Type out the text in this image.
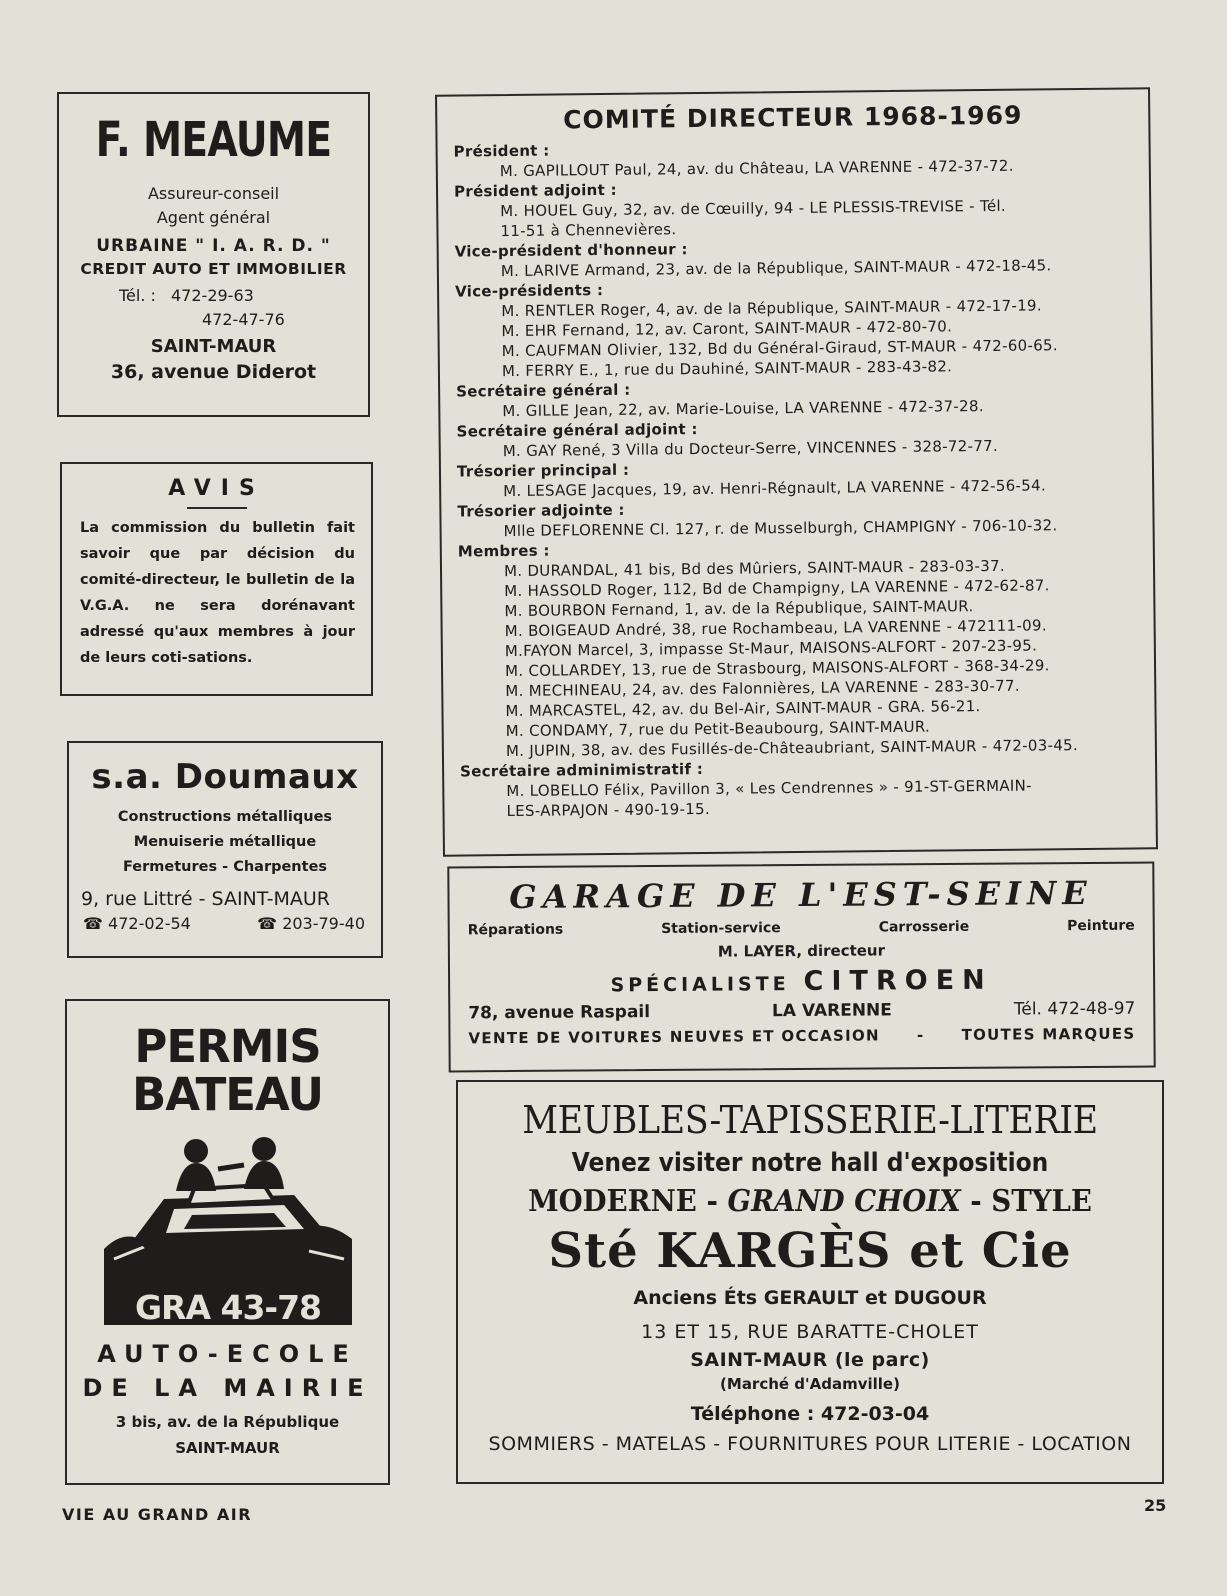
F. MEAUME
Assureur-conseil
Agent général
URBAINE " I. A. R. D. "
CREDIT AUTO ET IMMOBILIER
Tél. : 472-29-63
472-47-76
SAINT-MAUR
36, avenue Diderot
AVIS
La commission du bulletin fait savoir que par décision du comité-directeur, le bulletin de la V.G.A. ne sera dorénavant adressé qu'aux membres à jour de leurs coti-sations.
s.a. Doumaux
Constructions métalliques
Menuiserie métallique
Fermetures - Charpentes
9, rue Littré - SAINT-MAUR
☎ 472-02-54	☎ 203-79-40
PERMIS
BATEAU
GRA 43-78
AUTO-ECOLE
DE LA MAIRIE
3 bis, av. de la République
SAINT-MAUR
COMITÉ DIRECTEUR 1968-1969
Président :
M. GAPILLOUT Paul, 24, av. du Château, LA VARENNE - 472-37-72.
Président adjoint :
M. HOUEL Guy, 32, av. de Cœuilly, 94 - LE PLESSIS-TREVISE - Tél.
11-51 à Chennevières.
Vice-président d'honneur :
M. LARIVE Armand, 23, av. de la République, SAINT-MAUR - 472-18-45.
Vice-présidents :
M. RENTLER Roger, 4, av. de la République, SAINT-MAUR - 472-17-19.
M. EHR Fernand, 12, av. Caront, SAINT-MAUR - 472-80-70.
M. CAUFMAN Olivier, 132, Bd du Général-Giraud, ST-MAUR - 472-60-65.
M. FERRY E., 1, rue du Dauhiné, SAINT-MAUR - 283-43-82.
Secrétaire général :
M. GILLE Jean, 22, av. Marie-Louise, LA VARENNE - 472-37-28.
Secrétaire général adjoint :
M. GAY René, 3 Villa du Docteur-Serre, VINCENNES - 328-72-77.
Trésorier principal :
M. LESAGE Jacques, 19, av. Henri-Régnault, LA VARENNE - 472-56-54.
Trésorier adjointe :
Mlle DEFLORENNE Cl. 127, r. de Musselburgh, CHAMPIGNY - 706-10-32.
Membres :
M. DURANDAL, 41 bis, Bd des Mûriers, SAINT-MAUR - 283-03-37.
M. HASSOLD Roger, 112, Bd de Champigny, LA VARENNE - 472-62-87.
M. BOURBON Fernand, 1, av. de la République, SAINT-MAUR.
M. BOIGEAUD André, 38, rue Rochambeau, LA VARENNE - 472111-09.
M.FAYON Marcel, 3, impasse St-Maur, MAISONS-ALFORT - 207-23-95.
M. COLLARDEY, 13, rue de Strasbourg, MAISONS-ALFORT - 368-34-29.
M. MECHINEAU, 24, av. des Falonnières, LA VARENNE - 283-30-77.
M. MARCASTEL, 42, av. du Bel-Air, SAINT-MAUR - GRA. 56-21.
M. CONDAMY, 7, rue du Petit-Beaubourg, SAINT-MAUR.
M. JUPIN, 38, av. des Fusillés-de-Châteaubriant, SAINT-MAUR - 472-03-45.
Secrétaire adminimistratif :
M. LOBELLO Félix, Pavillon 3, « Les Cendrennes » - 91-ST-GERMAIN-
LES-ARPAJON - 490-19-15.
GARAGE DE L'EST-SEINE
Réparations	Station-service	Carrosserie	Peinture
M. LAYER, directeur
SPÉCIALISTE CITROEN
78, avenue Raspail	LA VARENNE	Tél. 472-48-97
VENTE DE VOITURES NEUVES ET OCCASION - TOUTES MARQUES
MEUBLES-TAPISSERIE-LITERIE
Venez visiter notre hall d'exposition
MODERNE - GRAND CHOIX - STYLE
Sté KARGÈS et Cie
Anciens Éts GERAULT et DUGOUR
13 ET 15, RUE BARATTE-CHOLET
SAINT-MAUR (le parc)
(Marché d'Adamville)
Téléphone : 472-03-04
SOMMIERS - MATELAS - FOURNITURES POUR LITERIE - LOCATION
VIE AU GRAND AIR	25
